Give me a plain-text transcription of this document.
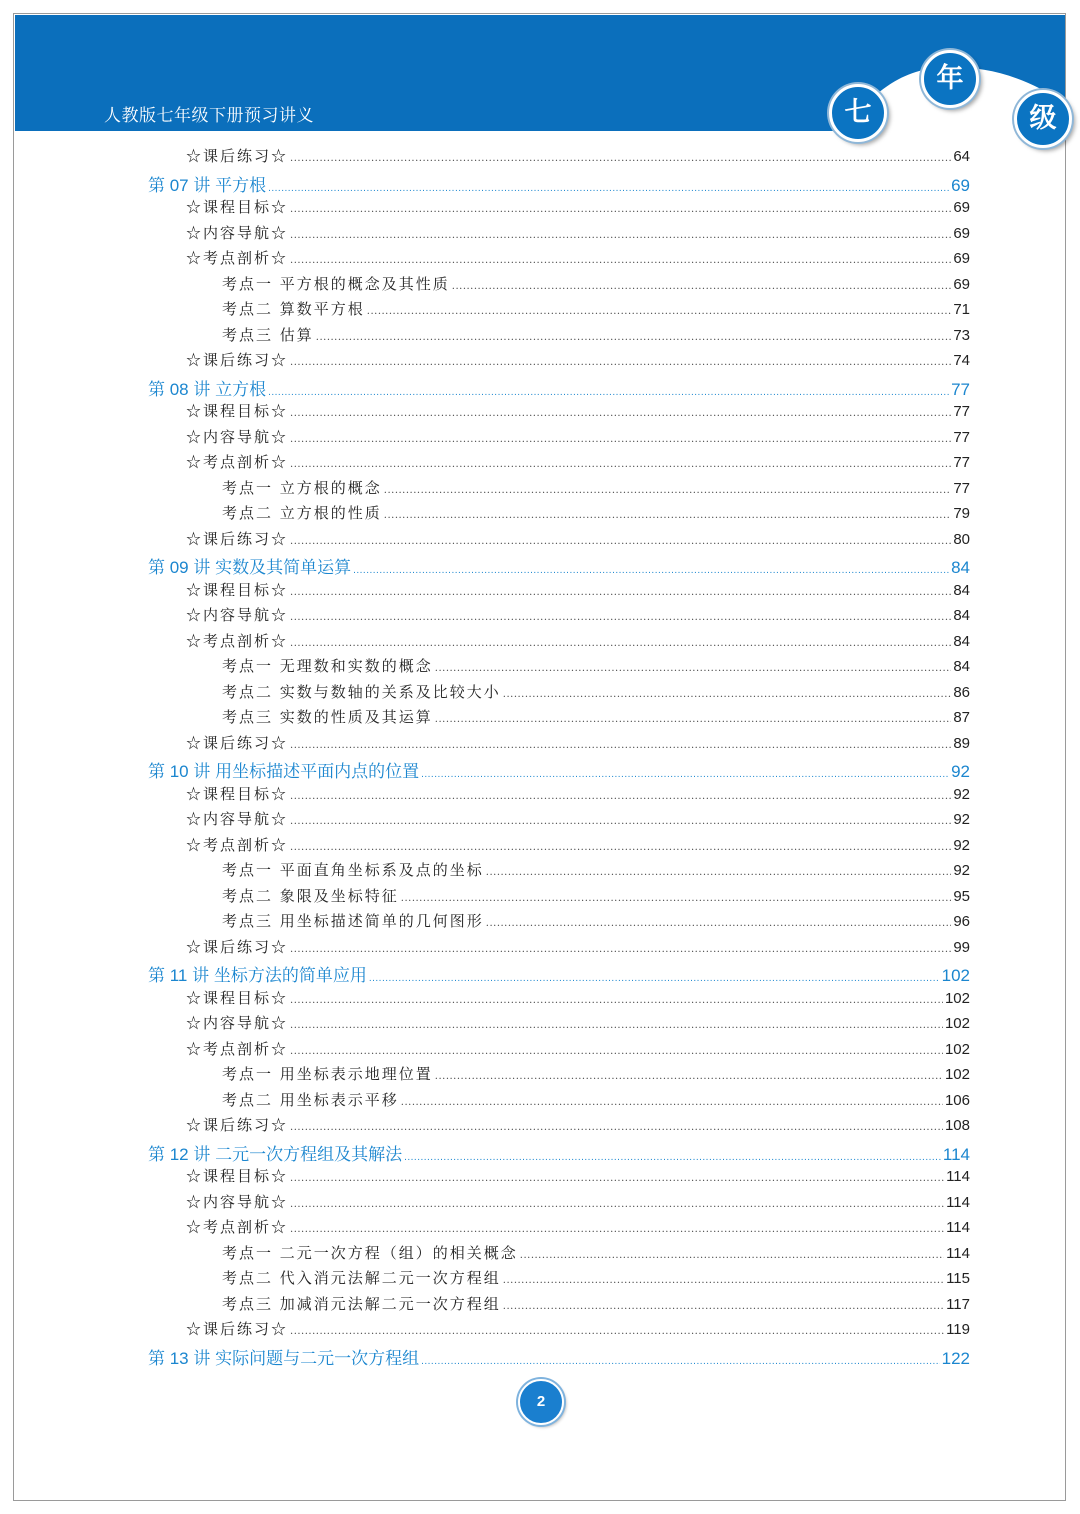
人教版七年级下册预习讲义	七
年
级
☆课后练习☆ .....	64
第 07 讲 平方根 .....	69
☆课程目标☆ .....	69
☆内容导航☆ .....	69
☆考点剖析☆ .....	69
考点一 平方根的概念及其性质 .....	69
考点二 算数平方根 .....	71
考点三 估算 .....	73
☆课后练习☆ .....	74
第 08 讲 立方根 .....	77
☆课程目标☆ .....	77
☆内容导航☆ .....	77
☆考点剖析☆ .....	77
考点一 立方根的概念 .....	77
考点二 立方根的性质 .....	79
☆课后练习☆ .....	80
第 09 讲 实数及其简单运算 .....	84
☆课程目标☆ .....	84
☆内容导航☆ .....	84
☆考点剖析☆ .....	84
考点一 无理数和实数的概念 .....	84
考点二 实数与数轴的关系及比较大小 .....	86
考点三 实数的性质及其运算 .....	87
☆课后练习☆ .....	89
第 10 讲 用坐标描述平面内点的位置 .....	92
☆课程目标☆ .....	92
☆内容导航☆ .....	92
☆考点剖析☆ .....	92
考点一 平面直角坐标系及点的坐标 .....	92
考点二 象限及坐标特征 .....	95
考点三 用坐标描述简单的几何图形 .....	96
☆课后练习☆ .....	99
第 11 讲 坐标方法的简单应用 .....	102
☆课程目标☆ .....	102
☆内容导航☆ .....	102
☆考点剖析☆ .....	102
考点一 用坐标表示地理位置 .....	102
考点二 用坐标表示平移 .....	106
☆课后练习☆ .....	108
第 12 讲 二元一次方程组及其解法 .....	114
☆课程目标☆ .....	114
☆内容导航☆ .....	114
☆考点剖析☆ .....	114
考点一 二元一次方程（组）的相关概念 .....	114
考点二 代入消元法解二元一次方程组 .....	115
考点三 加减消元法解二元一次方程组 .....	117
☆课后练习☆ .....	119
第 13 讲 实际问题与二元一次方程组 .....	122
2
